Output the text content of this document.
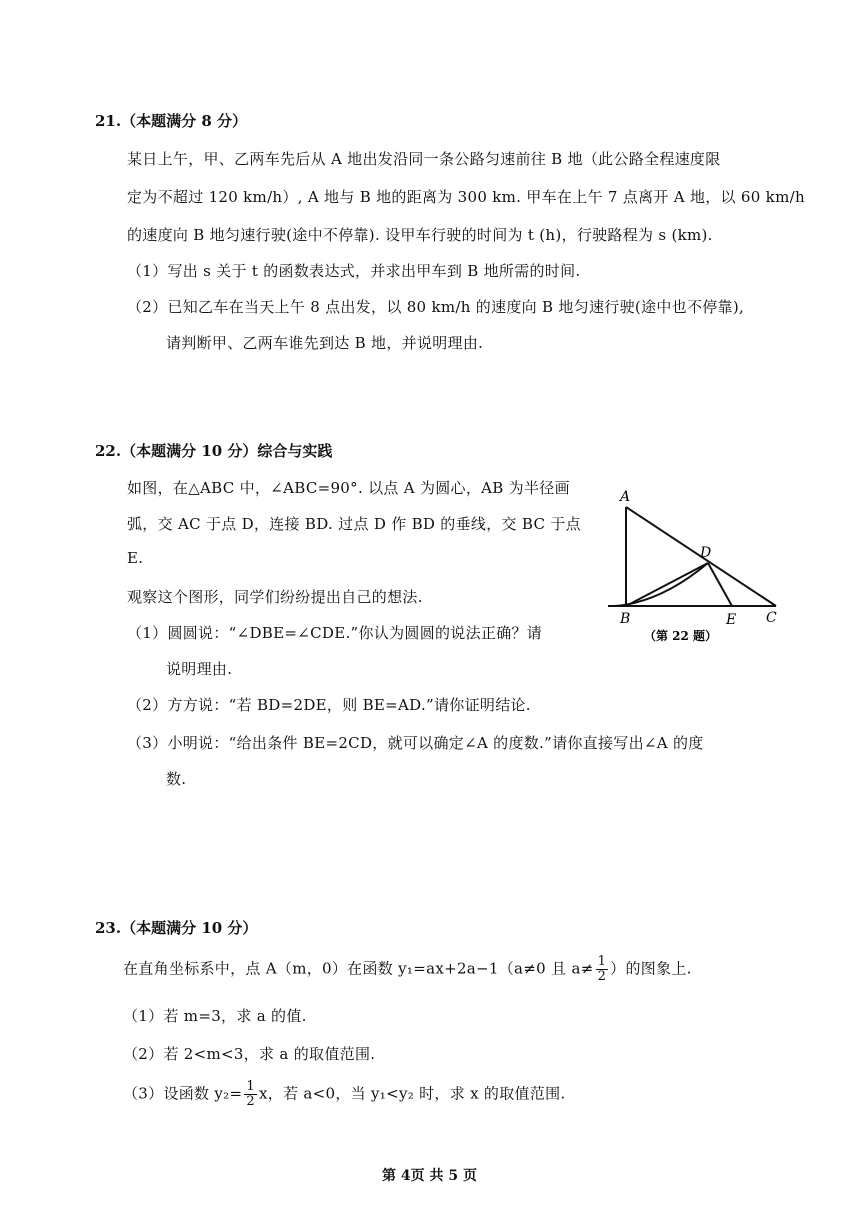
21.（本题满分 8 分）
某日上午，甲、乙两车先后从 A 地出发沿同一条公路匀速前往 B 地（此公路全程速度限
定为不超过 120 km/h）, A 地与 B 地的距离为 300 km. 甲车在上午 7 点离开 A 地，以 60 km/h
的速度向 B 地匀速行驶(途中不停靠). 设甲车行驶的时间为 t (h)，行驶路程为 s (km).
（1）写出 s 关于 t 的函数表达式，并求出甲车到 B 地所需的时间.
（2）已知乙车在当天上午 8 点出发，以 80 km/h 的速度向 B 地匀速行驶(途中也不停靠),
请判断甲、乙两车谁先到达 B 地，并说明理由.
22.（本题满分 10 分）综合与实践
如图，在△ABC 中，∠ABC=90°. 以点 A 为圆心，AB 为半径画
弧，交 AC 于点 D，连接 BD. 过点 D 作 BD 的垂线，交 BC 于点
E.
观察这个图形，同学们纷纷提出自己的想法.
（1）圆圆说：“∠DBE=∠CDE.”你认为圆圆的说法正确？请
说明理由.
（2）方方说：“若 BD=2DE，则 BE=AD.”请你证明结论.
（3）小明说：“给出条件 BE=2CD，就可以确定∠A 的度数.”请你直接写出∠A 的度
数.
A
B	C
D
E
（第 22 题）
23.（本题满分 10 分）
在直角坐标系中，点 A（m，0）在函数 y₁=ax+2a−1（a≠0 且 $a\ne \frac{1}{2}$ ）的图象上.
（1）若 m=3，求 a 的值.
（2）若 2<m<3，求 a 的取值范围.
（3）设函数 $y_2= \frac{1}{2}$ x，若 a<0，当 y₁<y₂ 时，求 x 的取值范围.
第 4页 共 5 页
